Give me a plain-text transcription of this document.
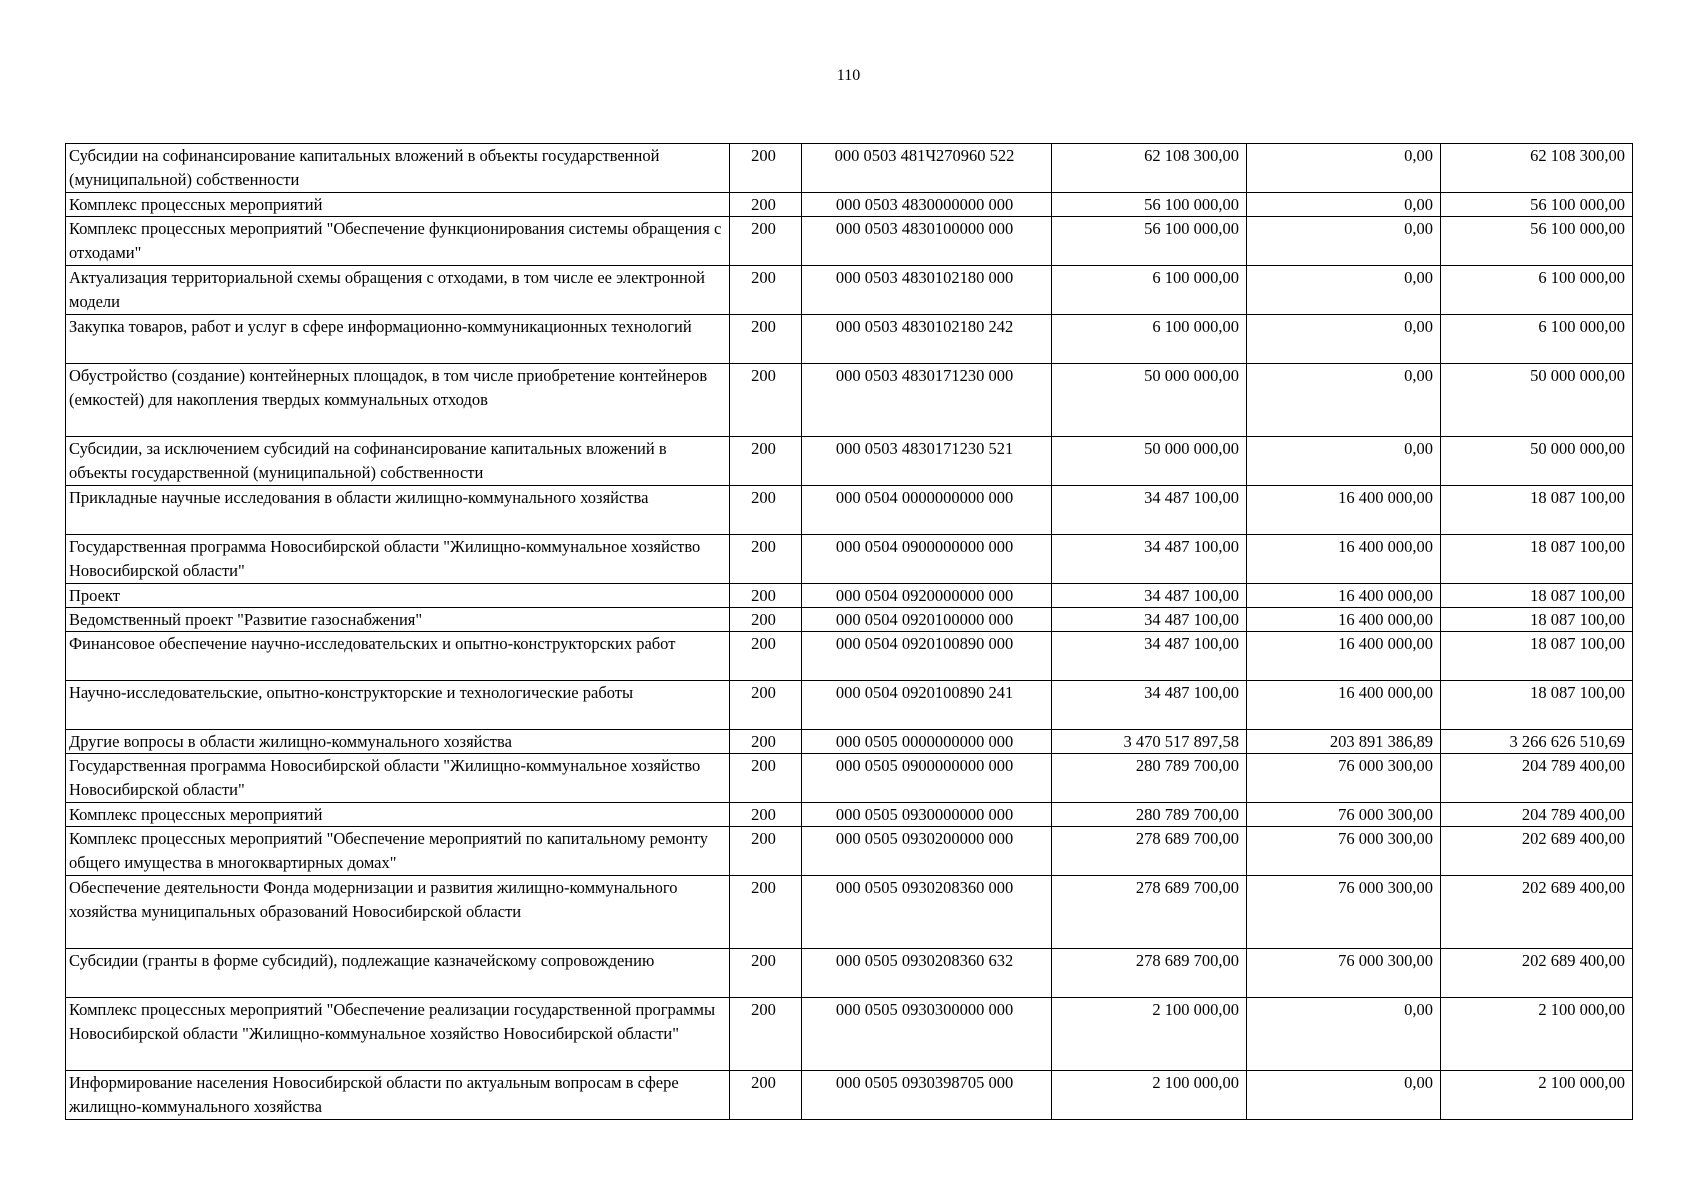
110
Субсидии на софинансирование капитальных вложений в объекты государственной (муниципальной) собственности	200	000 0503 481Ч270960 522	62 108 300,00	0,00	62 108 300,00
Комплекс процессных мероприятий	200	000 0503 4830000000 000	56 100 000,00	0,00	56 100 000,00
Комплекс процессных мероприятий "Обеспечение функционирования системы обращения с отходами"	200	000 0503 4830100000 000	56 100 000,00	0,00	56 100 000,00
Актуализация территориальной схемы обращения с отходами, в том числе ее электронной модели	200	000 0503 4830102180 000	6 100 000,00	0,00	6 100 000,00
Закупка товаров, работ и услуг в сфере информационно-коммуникационных технологий	200	000 0503 4830102180 242	6 100 000,00	0,00	6 100 000,00
Обустройство (создание) контейнерных площадок, в том числе приобретение контейнеров (емкостей) для накопления твердых коммунальных отходов	200	000 0503 4830171230 000	50 000 000,00	0,00	50 000 000,00
Субсидии, за исключением субсидий на софинансирование капитальных вложений в объекты государственной (муниципальной) собственности	200	000 0503 4830171230 521	50 000 000,00	0,00	50 000 000,00
Прикладные научные исследования в области жилищно-коммунального хозяйства	200	000 0504 0000000000 000	34 487 100,00	16 400 000,00	18 087 100,00
Государственная программа Новосибирской области "Жилищно-коммунальное хозяйство Новосибирской области"	200	000 0504 0900000000 000	34 487 100,00	16 400 000,00	18 087 100,00
Проект	200	000 0504 0920000000 000	34 487 100,00	16 400 000,00	18 087 100,00
Ведомственный проект "Развитие газоснабжения"	200	000 0504 0920100000 000	34 487 100,00	16 400 000,00	18 087 100,00
Финансовое обеспечение научно-исследовательских и опытно-конструкторских работ	200	000 0504 0920100890 000	34 487 100,00	16 400 000,00	18 087 100,00
Научно-исследовательские, опытно-конструкторские и технологические работы	200	000 0504 0920100890 241	34 487 100,00	16 400 000,00	18 087 100,00
Другие вопросы в области жилищно-коммунального хозяйства	200	000 0505 0000000000 000	3 470 517 897,58	203 891 386,89	3 266 626 510,69
Государственная программа Новосибирской области "Жилищно-коммунальное хозяйство Новосибирской области"	200	000 0505 0900000000 000	280 789 700,00	76 000 300,00	204 789 400,00
Комплекс процессных мероприятий	200	000 0505 0930000000 000	280 789 700,00	76 000 300,00	204 789 400,00
Комплекс процессных мероприятий "Обеспечение мероприятий по капитальному ремонту общего имущества в многоквартирных домах"	200	000 0505 0930200000 000	278 689 700,00	76 000 300,00	202 689 400,00
Обеспечение деятельности Фонда модернизации и развития жилищно-коммунального хозяйства муниципальных образований Новосибирской области	200	000 0505 0930208360 000	278 689 700,00	76 000 300,00	202 689 400,00
Субсидии (гранты в форме субсидий), подлежащие казначейскому сопровождению	200	000 0505 0930208360 632	278 689 700,00	76 000 300,00	202 689 400,00
Комплекс процессных мероприятий "Обеспечение реализации государственной программы Новосибирской области "Жилищно-коммунальное хозяйство Новосибирской области"	200	000 0505 0930300000 000	2 100 000,00	0,00	2 100 000,00
Информирование населения Новосибирской области по актуальным вопросам в сфере жилищно-коммунального хозяйства	200	000 0505 0930398705 000	2 100 000,00	0,00	2 100 000,00
